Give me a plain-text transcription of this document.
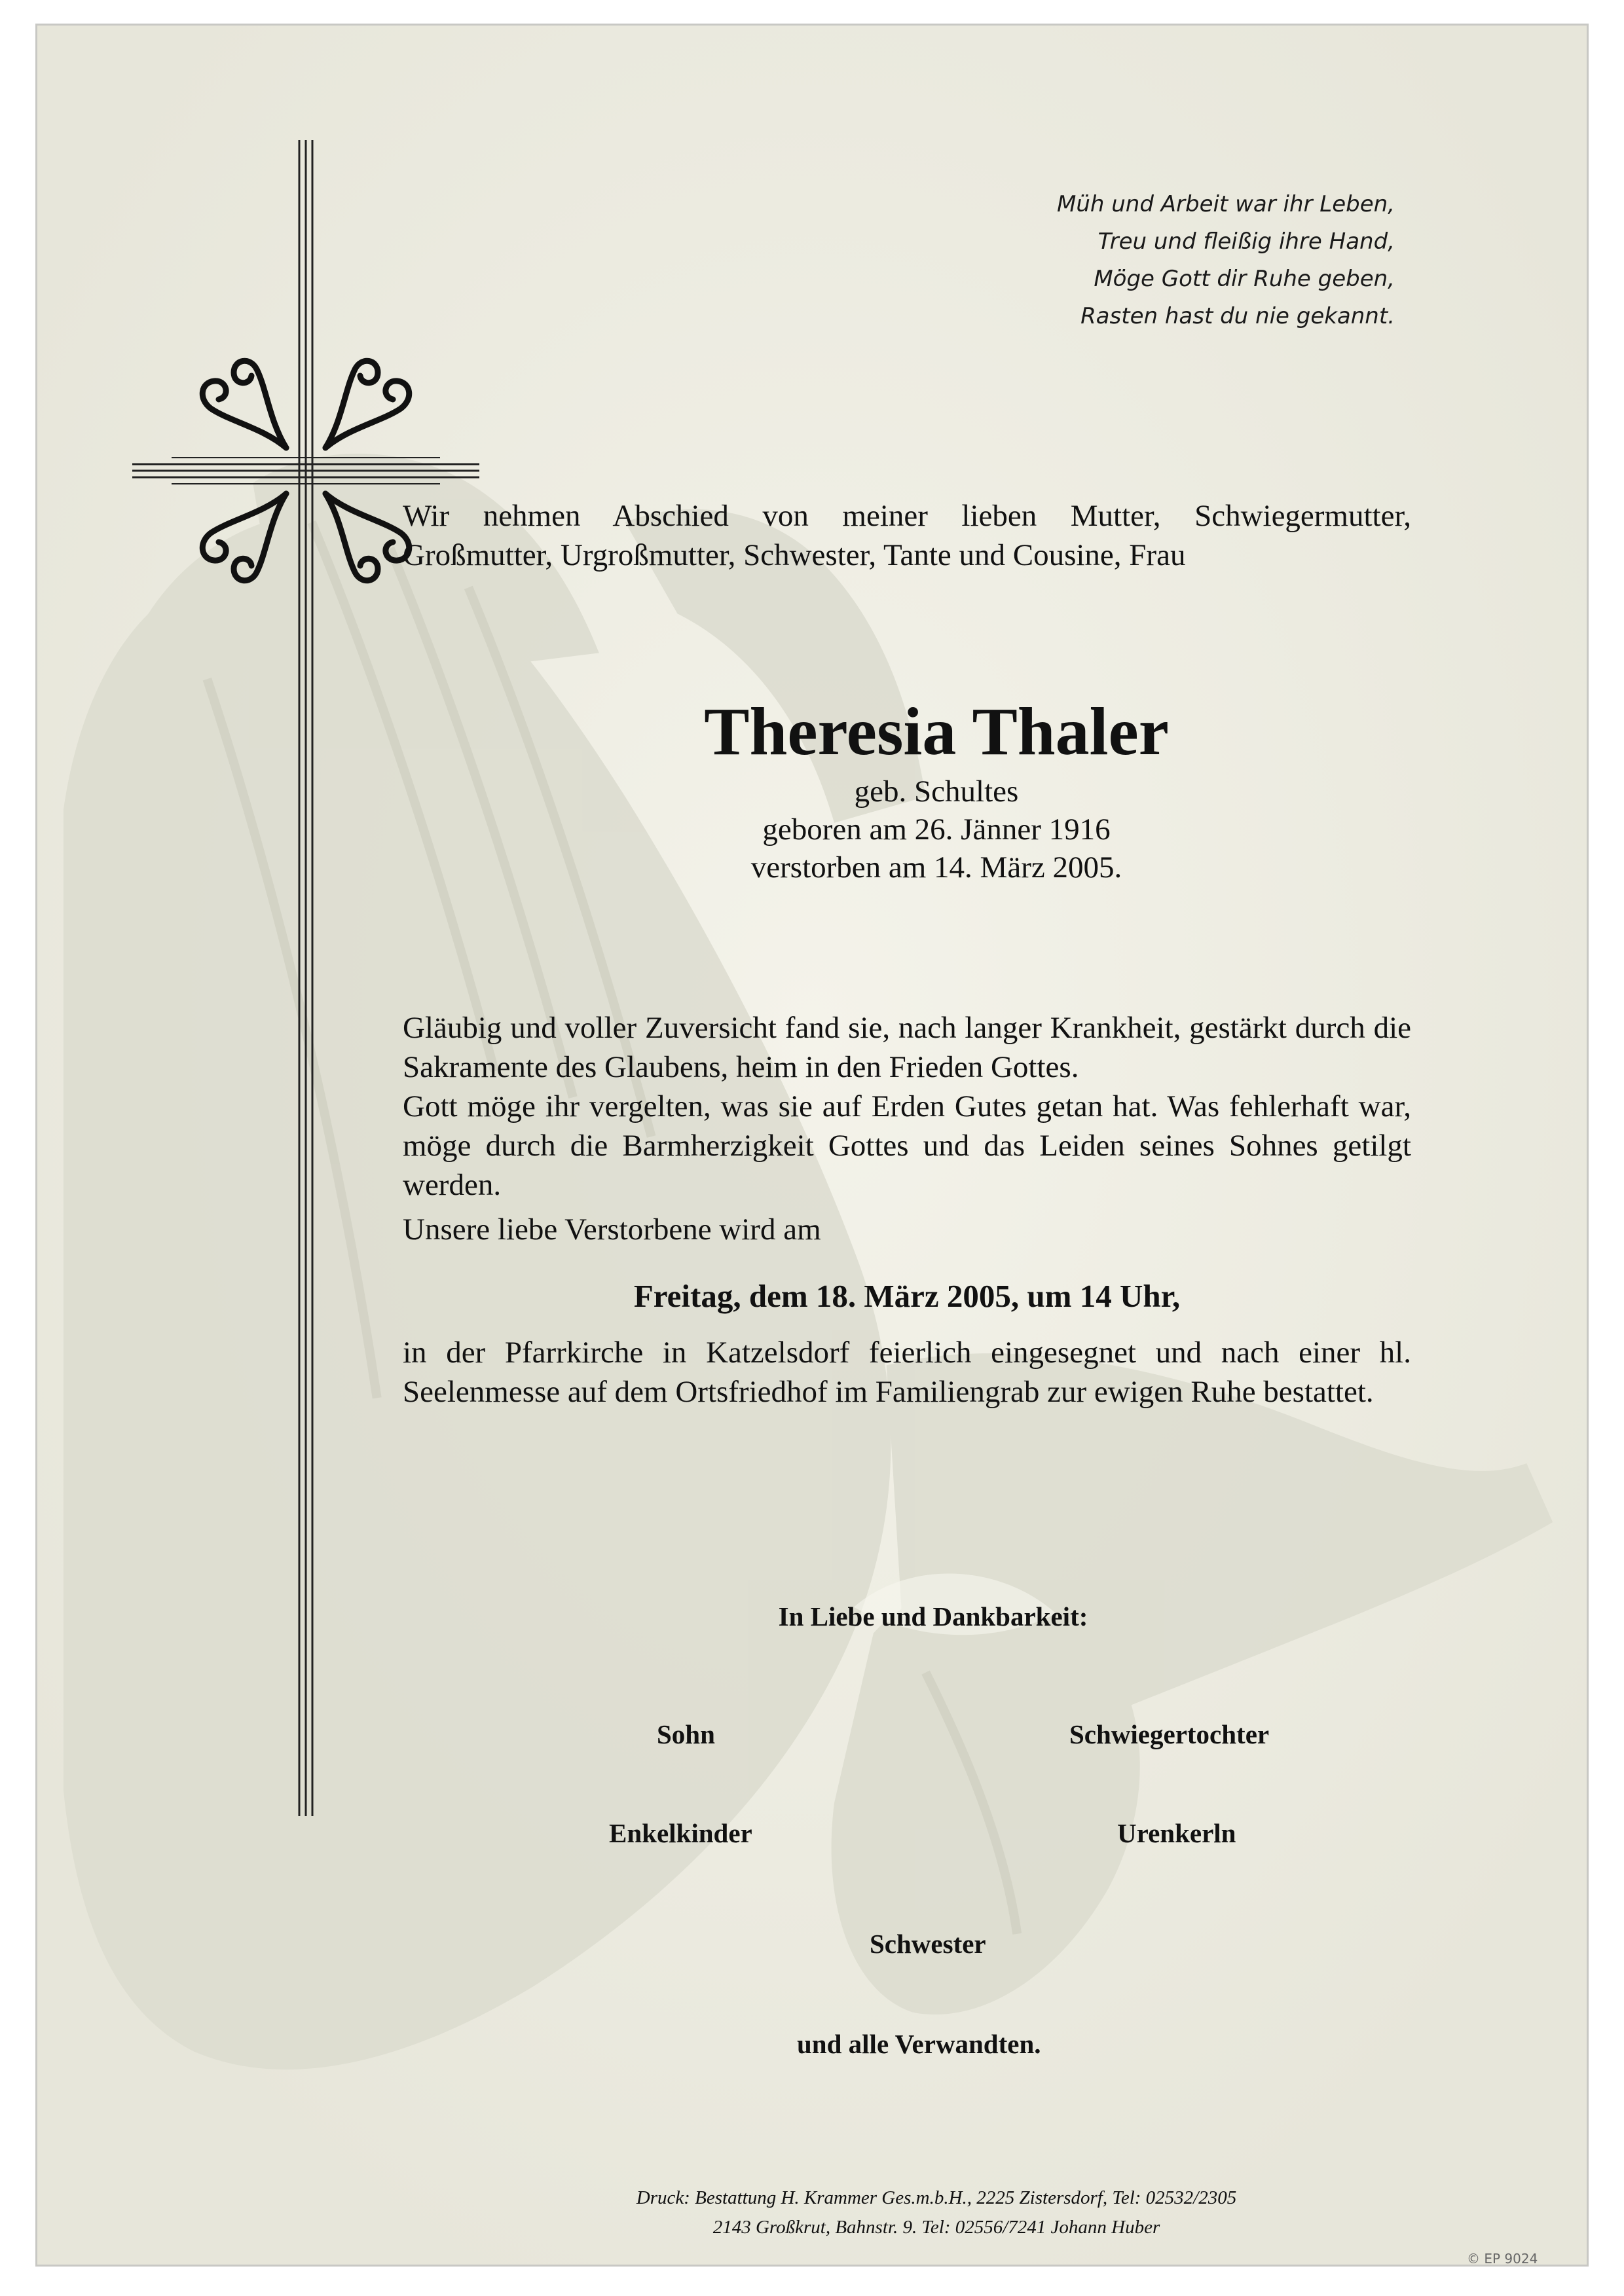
Müh und Arbeit war ihr Leben,
Treu und fleißig ihre Hand,
Möge Gott dir Ruhe geben,
Rasten hast du nie gekannt.
Wir nehmen Abschied von meiner lieben Mutter, Schwiegermutter,
Großmutter, Urgroßmutter, Schwester, Tante und Cousine, Frau
Theresia Thaler
geb. Schultes
geboren am 26. Jänner 1916
verstorben am 14. März 2005.

Gläubig und voller Zuversicht fand sie, nach langer Krankheit, gestärkt durch die Sakramente des Glaubens, heim in den Frieden Gottes.

Gott möge ihr vergelten, was sie auf Erden Gutes getan hat. Was fehlerhaft war, möge durch die Barmherzigkeit Gottes und das Leiden seines Sohnes getilgt werden.

Unsere liebe Verstorbene wird am

Freitag, dem 18. März 2005, um 14 Uhr,
in der Pfarrkirche in Katzelsdorf feierlich eingesegnet und nach einer hl. Seelenmesse auf dem Ortsfriedhof im Familiengrab zur ewigen Ruhe bestattet.
In Liebe und Dankbarkeit:
Sohn	Schwiegertochter
Enkelkinder	Urenkerln
Schwester
und alle Verwandten.
Druck: Bestattung H. Krammer Ges.m.b.H., 2225 Zistersdorf, Tel: 02532/2305
2143 Großkrut, Bahnstr. 9. Tel: 02556/7241 Johann Huber
© EP 9024
